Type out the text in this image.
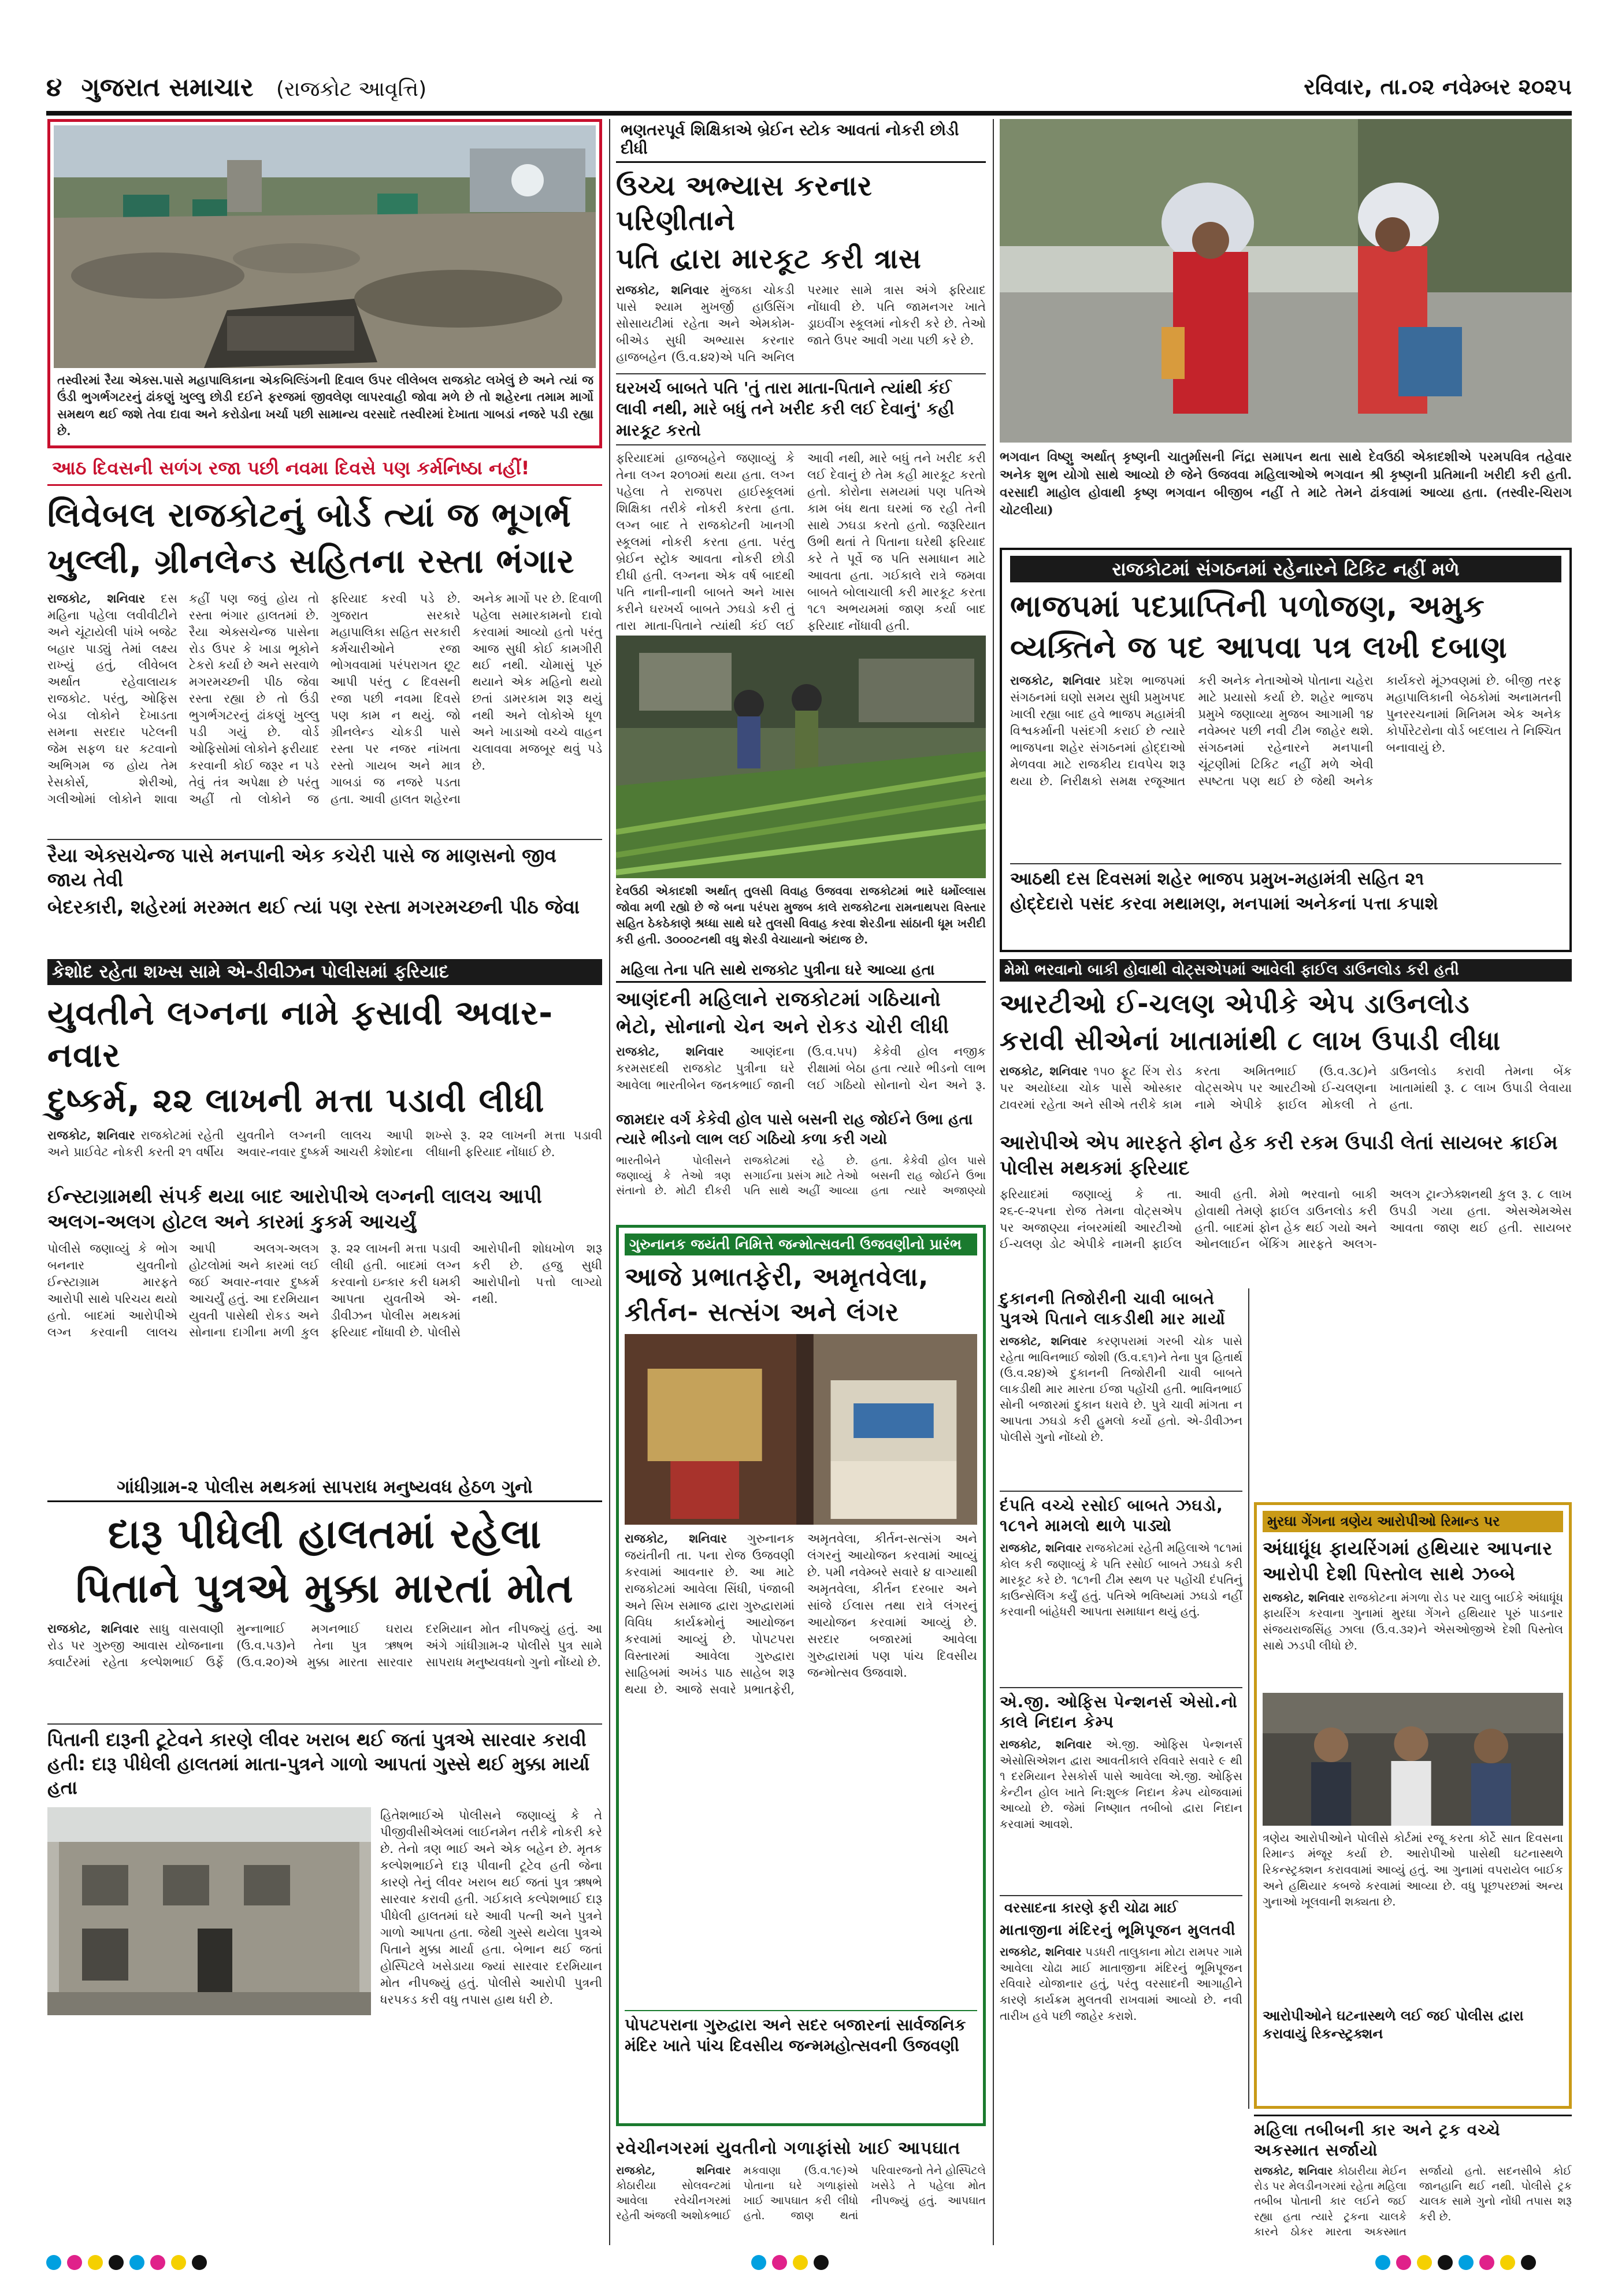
૪ ગુજરાત સમાચાર (રાજકોટ આવૃત્તિ)	રવિવાર, તા.૦૨ નવેમ્બર ૨૦૨૫
તસ્વીરમાં રૈયા એક્સ.પાસે મહાપાલિકાના એકબિલ્ડિંગની દિવાલ ઉપર લીલેબલ રાજકોટ લખેલું છે અને ત્યાં જ ઉંડી ભુગર્ભગટરનું ઢાંકણું ખુલ્લુ છોડી દઈને ફરજમાં જીવલેણ લાપરવાહી જોવા મળે છે તો શહેરના તમામ માર્ગો સમથળ થઈ જશે તેવા દાવા અને કરોડોના ખર્ચા પછી સામાન્ય વરસાદે તસ્વીરમાં દેખાતા ગાબડાં નજરે પડી રહ્યા છે.
આઠ દિવસની સળંગ રજા પછી નવમા દિવસે પણ કર્મનિષ્ઠા નહીં!
લિવેબલ રાજકોટનું બોર્ડ ત્યાં જ ભૂગર્ભ
ખુલ્લી, ગ્રીનલેન્ડ સહિતના રસ્તા ભંગાર
રાજકોટ, શનિવાર દસ મહિના પહેલા લવીવીટીને અને ચૂંટાયેલી પાંખે બજેટ બહાર પાડ્યું તેમાં લક્ષ્ય રાખ્યું હતું, લીવેબલ અર્થાત રહેવાલાયક રાજકોટ. પરંતુ, ઓફિસ બેડા લોકોને દેખાડતા સમના સરદાર પટેલની જેમ સફળ ઘર કટવાનો અભિગમ જ હોય તેમ રેસકોર્સ, શેરીઓ, ગલીઓમાં લોકોને શાવા કહીં પણ જવું હોય તો રસ્તા ભંગાર હાલતમાં છે. રૈયા એક્સચેન્જ પાસેના રોડ ઉપર કે ખાડા ભૂકોને ટેકરો કર્યા છે અને સરવાળે મગરમચ્છની પીઠ જેવા રસ્તા રહ્યા છે તો ઉંડી ભુગર્ભગટરનું ઢાંકણું ખુલ્લુ પડી ગયું છે. વોર્ડ ઓફિસોમાં લોકોને ફરીયાદ કરવાની કોઈ જરૂર ન પડે તેવું તંત્ર અપેક્ષા છે પરંતુ અહીં તો લોકોને જ ફરિયાદ કરવી પડે છે. ગુજરાત સરકારે મહાપાલિકા સહિત સરકારી કર્મચારીઓને રજા ભોગવવામાં પરંપરાગત છૂટ આપી પરંતુ ૮ દિવસની રજા પછી નવમા દિવસે પણ કામ ન થયું. જો ગ્રીનલેન્ડ ચોકડી પાસે રસ્તા પર નજર નાંખતા રસ્તો ગાયબ અને માત્ર ગાબડાં જ નજરે પડતા હતા. આવી હાલત શહેરના અનેક માર્ગો પર છે. દિવાળી પહેલા સમારકામનો દાવો કરવામાં આવ્યો હતો પરંતુ આજ સુધી કોઈ કામગીરી થઈ નથી. ચોમાસું પૂરું થયાને એક મહિનો થયો છતાં ડામરકામ શરૂ થયું નથી અને લોકોએ ધૂળ અને ખાડાઓ વચ્ચે વાહન ચલાવવા મજબૂર થવું પડે છે.
રૈયા એક્સચેન્જ પાસે મનપાની એક કચેરી પાસે જ માણસનો જીવ જાય તેવી
બેદરકારી, શહેરમાં મરમ્મત થઈ ત્યાં પણ રસ્તા મગરમચ્છની પીઠ જેવા
ભણતરપૂર્વ શિક્ષિકાએ બ્રેઈન સ્ટોક આવતાં નોકરી છોડી દીધી
ઉચ્ચ અભ્યાસ કરનાર પરિણીતાને
પતિ દ્વારા મારકૂટ કરી ત્રાસ
રાજકોટ, શનિવાર મુંજકા ચોકડી પાસે શ્યામ મુખર્જી હાઉસિંગ સોસાયટીમાં રહેતા અને એમકોમ-બીએડ સુધી અભ્યાસ કરનાર હાજબહેન (ઉ.વ.૪૨)એ પતિ અનિલ પરમાર સામે ત્રાસ અંગે ફરિયાદ નોંધાવી છે. પતિ જામનગર ખાતે ડ્રાઇવીંગ સ્કૂલમાં નોકરી કરે છે. તેઓ જાતે ઉપર આવી ગયા પછી કરે છે.
ઘરખર્ચ બાબતે પતિ 'તું તારા માતા-પિતાને ત્યાંથી કંઈ લાવી નથી, મારે બધું તને ખરીદ કરી લઈ દેવાનું' કહી મારકૂટ કરતો
ફરિયાદમાં હાજબહેને જણાવ્યું કે તેના લગ્ન ૨૦૧૦માં થયા હતા. લગ્ન પહેલા તે રાજપરા હાઈસ્કૂલમાં શિક્ષિકા તરીકે નોકરી કરતા હતા. લગ્ન બાદ તે રાજકોટની ખાનગી સ્કૂલમાં નોકરી કરતા હતા. પરંતુ બ્રેઈન સ્ટ્રોક આવતા નોકરી છોડી દીધી હતી. લગ્નના એક વર્ષ બાદથી પતિ નાની-નાની બાબતે અને ખાસ કરીને ઘરખર્ચ બાબતે ઝઘડો કરી તું તારા માતા-પિતાને ત્યાંથી કંઈ લઈ આવી નથી, મારે બધું તને ખરીદ કરી લઈ દેવાનું છે તેમ કહી મારકૂટ કરતો હતો. કોરોના સમયમાં પણ પતિએ કામ બંધ થતા ઘરમાં જ રહી તેની સાથે ઝઘડા કરતો હતો. જરૂરિયાત ઉભી થતાં તે પિતાના ઘરેથી ફરિયાદ કરે તે પૂર્વે જ પતિ સમાધાન માટે આવતા હતા. ગઈકાલે રાત્રે જમવા બાબતે બોલાચાલી કરી મારકૂટ કરતા ૧૮૧ અભયમમાં જાણ કર્યા બાદ ફરિયાદ નોંધાવી હતી.
ભગવાન વિષ્ણુ અર્થાત્ કૃષ્ણની ચાતુર્માસની નિંદ્રા સમાપન થતા સાથે દેવઉઠી એકાદશીએ પરમપવિત્ર તહેવાર અનેક શુભ યોગો સાથે આવ્યો છે જેને ઉજવવા મહિલાઓએ ભગવાન શ્રી કૃષ્ણની પ્રતિમાની ખરીદી કરી હતી. વરસાદી માહોલ હોવાથી કૃષ્ણ ભગવાન બીજીબ નહીં તે માટે તેમને ઢાંકવામાં આવ્યા હતા. (તસ્વીર-ચિરાગ ચોટલીયા)
દેવઉઠી એકાદશી અર્થાત્ તુલસી વિવાહ ઉજવવા રાજકોટમાં ભારે ધર્મોલ્લાસ જોવા મળી રહ્યો છે જે બના પરંપરા મુજબ કાલે રાજકોટના રામનાથપરા વિસ્તાર સહિત ઠેકઠેકાણે શ્રધ્ધા સાથે ઘરે તુલસી વિવાહ કરવા શેરડીના સાંઠાની ધૂમ ખરીદી કરી હતી. ૩૦૦૦ટનથી વધુ શેરડી વેચાયાનો અંદાજ છે.
રાજકોટમાં સંગઠનમાં રહેનારને ટિકિટ નહીં મળે
ભાજપમાં પદપ્રાપ્તિની પળોજણ, અમુક
વ્યક્તિને જ પદ આપવા પત્ર લખી દબાણ
રાજકોટ, શનિવાર પ્રદેશ ભાજપમાં સંગઠનમાં ઘણો સમય સુધી પ્રમુખપદ ખાલી રહ્યા બાદ હવે ભાજપ મહામંત્રી વિશ્વકર્માની પસંદગી કરાઈ છે ત્યારે ભાજપના શહેર સંગઠનમાં હોદ્દાઓ મેળવવા માટે રાજકીય દાવપેચ શરૂ થયા છે. નિરીક્ષકો સમક્ષ રજૂઆત કરી અનેક નેતાઓએ પોતાના ચહેરા માટે પ્રયાસો કર્યા છે. શહેર ભાજપ પ્રમુખે જણાવ્યા મુજબ આગામી ૧૪ નવેમ્બર પછી નવી ટીમ જાહેર થશે. સંગઠનમાં રહેનારને મનપાની ચૂંટણીમાં ટિકિટ નહીં મળે એવી સ્પષ્ટતા પણ થઈ છે જેથી અનેક કાર્યકરો મૂંઝવણમાં છે. બીજી તરફ મહાપાલિકાની બેઠકોમાં અનામતની પુનરરચનામાં મિનિમમ એક અનેક કોર્પોરેટરોના વોર્ડ બદલાય તે નિશ્ચિત બનાવાયું છે.
આઠથી દસ દિવસમાં શહેર ભાજપ પ્રમુખ-મહામંત્રી સહિત ૨૧
હોદ્દેદારો પસંદ કરવા મથામણ, મનપામાં અનેકનાં પત્તા કપાશે
કેશોદ રહેતા શખ્સ સામે એ-ડીવીઝન પોલીસમાં ફરિયાદ
યુવતીને લગ્નના નામે ફસાવી અવાર-નવાર
દુષ્કર્મ, ૨૨ લાખની મત્તા પડાવી લીધી
રાજકોટ, શનિવાર રાજકોટમાં રહેતી અને પ્રાઈવેટ નોકરી કરતી ૨૧ વર્ષીય યુવતીને લગ્નની લાલચ આપી અવાર-નવાર દુષ્કર્મ આચરી કેશોદના શખ્સે રૂ. ૨૨ લાખની મત્તા પડાવી લીધાની ફરિયાદ નોંધાઈ છે.
ઈન્સ્ટાગ્રામથી સંપર્ક થયા બાદ આરોપીએ લગ્નની લાલચ આપી અલગ-અલગ હોટલ અને કારમાં કુકર્મ આચર્યું
પોલીસે જણાવ્યું કે ભોગ બનનાર યુવતીનો ઈન્સ્ટાગ્રામ મારફતે આરોપી સાથે પરિચય થયો હતો. બાદમાં આરોપીએ લગ્ન કરવાની લાલચ આપી અલગ-અલગ હોટલોમાં અને કારમાં લઈ જઈ અવાર-નવાર દુષ્કર્મ આચર્યું હતું. આ દરમિયાન યુવતી પાસેથી રોકડ અને સોનાના દાગીના મળી કુલ રૂ. ૨૨ લાખની મત્તા પડાવી લીધી હતી. બાદમાં લગ્ન કરવાનો ઇન્કાર કરી ધમકી આપતા યુવતીએ એ-ડીવીઝન પોલીસ મથકમાં ફરિયાદ નોંધાવી છે. પોલીસે આરોપીની શોધખોળ શરૂ કરી છે. હજુ સુધી આરોપીનો પત્તો લાગ્યો નથી.
ગાંધીગ્રામ-૨ પોલીસ મથકમાં સાપરાધ મનુષ્યવધ હેઠળ ગુનો
દારૂ પીધેલી હાલતમાં રહેલા
પિતાને પુત્રએ મુક્કા મારતાં મોત
રાજકોટ, શનિવાર સાધુ વાસવાણી રોડ પર ગુરુજી આવાસ યોજનાના ક્વાર્ટરમાં રહેતા કલ્પેશભાઈ ઉર્ફે મુન્નાભાઈ મગનભાઈ ઘરાય (ઉ.વ.૫૩)ને તેના પુત્ર ઋષભ (ઉ.વ.૨૦)એ મુક્કા મારતા સારવાર દરમિયાન મોત નીપજ્યું હતું. આ અંગે ગાંધીગ્રામ-૨ પોલીસે પુત્ર સામે સાપરાધ મનુષ્યવધનો ગુનો નોંધ્યો છે.
પિતાની દારૂની ટૂટેવને કારણે લીવર ખરાબ થઈ જતાં પુત્રએ સારવાર કરાવી હતી: દારૂ પીધેલી હાલતમાં માતા-પુત્રને ગાળો આપતાં ગુસ્સે થઈ મુક્કા માર્યા હતા
હિતેશભાઈએ પોલીસને જણાવ્યું કે તે પીજીવીસીએલમાં લાઈનમેન તરીકે નોકરી કરે છે. તેનો ત્રણ ભાઈ અને એક બહેન છે. મૃતક કલ્પેશભાઈને દારૂ પીવાની ટૂટેવ હતી જેના કારણે તેનું લીવર ખરાબ થઈ જતાં પુત્ર ઋષભે સારવાર કરાવી હતી. ગઈકાલે કલ્પેશભાઈ દારૂ પીધેલી હાલતમાં ઘરે આવી પત્ની અને પુત્રને ગાળો આપતા હતા. જેથી ગુસ્સે થયેલા પુત્રએ પિતાને મુક્કા માર્યા હતા. બેભાન થઈ જતાં હોસ્પિટલે ખસેડાયા જ્યાં સારવાર દરમિયાન મોત નીપજ્યું હતું. પોલીસે આરોપી પુત્રની ધરપકડ કરી વધુ તપાસ હાથ ધરી છે.
મહિલા તેના પતિ સાથે રાજકોટ પુત્રીના ઘરે આવ્યા હતા
આણંદની મહિલાને રાજકોટમાં ગઠિયાનો
ભેટો, સોનાનો ચેન અને રોકડ ચોરી લીધી
રાજકોટ, શનિવાર આણંદના કરમસદથી રાજકોટ પુત્રીના ઘરે આવેલા ભારતીબેન જનકભાઈ જાની (ઉ.વ.૫૫) કેકેવી હોલ નજીક રીક્ષામાં બેઠા હતા ત્યારે ભીડનો લાભ લઈ ગઠિયો સોનાનો ચેન અને રૂ.
જામદાર વર્ગ કેકેવી હોલ પાસે બસની રાહ જોઈને ઉભા હતા ત્યારે ભીડનો લાભ લઈ ગઠિયો કળા કરી ગયો
ભારતીબેને પોલીસને જણાવ્યું કે તેઓ ત્રણ સંતાનો છે. મોટી દીકરી રાજકોટમાં રહે છે. સગાઈના પ્રસંગ માટે તેઓ પતિ સાથે અહીં આવ્યા હતા. કેકેવી હોલ પાસે બસની રાહ જોઈને ઉભા હતા ત્યારે અજાણ્યો
મેમો ભરવાનો બાકી હોવાથી વોટ્સએપમાં આવેલી ફાઈલ ડાઉનલોડ કરી હતી
આરટીઓ ઈ-ચલણ એપીકે એપ ડાઉનલોડ
કરાવી સીએનાં ખાતામાંથી ૮ લાખ ઉપાડી લીધા
રાજકોટ, શનિવાર ૧૫૦ ફૂટ રિંગ રોડ પર અયોધ્યા ચોક પાસે ઓસ્કાર ટાવરમાં રહેતા અને સીએ તરીકે કામ કરતા અમિતભાઈ (ઉ.વ.૩૮)ને વોટ્સએપ પર આરટીઓ ઈ-ચલણના નામે એપીકે ફાઈલ મોકલી તે ડાઉનલોડ કરાવી તેમના બેંક ખાતામાંથી રૂ. ૮ લાખ ઉપાડી લેવાયા હતા.
આરોપીએ એપ મારફતે ફોન હેક કરી રકમ ઉપાડી લેતાં સાયબર ક્રાઈમ પોલીસ મથકમાં ફરિયાદ
ફરિયાદમાં જણાવ્યું કે તા. ૨૬-૯-૨૫ના રોજ તેમના વોટ્સએપ પર અજાણ્યા નંબરમાંથી આરટીઓ ઈ-ચલણ ડોટ એપીકે નામની ફાઈલ આવી હતી. મેમો ભરવાનો બાકી હોવાથી તેમણે ફાઈલ ડાઉનલોડ કરી હતી. બાદમાં ફોન હેક થઈ ગયો અને ઓનલાઈન બેંકિંગ મારફતે અલગ-અલગ ટ્રાન્ઝેક્શનથી કુલ રૂ. ૮ લાખ ઉપડી ગયા હતા. એસએમએસ આવતા જાણ થઈ હતી. સાયબર
દુકાનની તિજોરીની ચાવી બાબતે પુત્રએ પિતાને લાકડીથી માર માર્યો
રાજકોટ, શનિવાર કરણપરામાં ગરબી ચોક પાસે રહેતા ભાવિનભાઈ જોશી (ઉ.વ.૬૧)ને તેના પુત્ર હિતાર્થ (ઉ.વ.૨૪)એ દુકાનની તિજોરીની ચાવી બાબતે લાકડીથી માર મારતા ઈજા પહોંચી હતી. ભાવિનભાઈ સોની બજારમાં દુકાન ધરાવે છે. પુત્રે ચાવી માંગતા ન આપતા ઝઘડો કરી હુમલો કર્યો હતો. એ-ડીવીઝન પોલીસે ગુનો નોંધ્યો છે.
દંપતિ વચ્ચે રસોઈ બાબતે ઝઘડો, ૧૮૧ને મામલો થાળે પાડ્યો
રાજકોટ, શનિવાર રાજકોટમાં રહેતી મહિલાએ ૧૮૧માં કોલ કરી જણાવ્યું કે પતિ રસોઈ બાબતે ઝઘડો કરી મારકૂટ કરે છે. ૧૮૧ની ટીમ સ્થળ પર પહોંચી દંપતિનું કાઉન્સેલિંગ કર્યું હતું. પતિએ ભવિષ્યમાં ઝઘડો નહીં કરવાની બાંહેધરી આપતા સમાધાન થયું હતું.
ગુરુનાનક જયંતી નિમિત્તે જન્મોત્સવની ઉજવણીનો પ્રારંભ
આજે પ્રભાતફેરી, અમૃતવેલા,
કીર્તન- સત્સંગ અને લંગર
રાજકોટ, શનિવાર ગુરુનાનક જયંતીની તા. પના રોજ ઉજવણી કરવામાં આવનાર છે. આ માટે રાજકોટમાં આવેલા સિંધી, પંજાબી અને સિખ સમાજ દ્વારા ગુરુદ્વારામાં વિવિધ કાર્યક્રમોનું આયોજન કરવામાં આવ્યું છે. પોપટપરા વિસ્તારમાં આવેલા ગુરુદ્વારા સાહિબમાં અખંડ પાઠ સાહેબ શરૂ થયા છે. આજે સવારે પ્રભાતફેરી, અમૃતવેલા, કીર્તન-સત્સંગ અને લંગરનું આયોજન કરવામાં આવ્યું છે. ૫મી નવેમ્બરે સવારે ૪ વાગ્યાથી અમૃતવેલા, કીર્તન દરબાર અને સાંજે ઈલાસ તથા રાત્રે લંગરનું આયોજન કરવામાં આવ્યું છે. સરદાર બજારમાં આવેલા ગુરુદ્વારામાં પણ પાંચ દિવસીય જન્મોત્સવ ઉજવાશે.
પોપટપરાના ગુરુદ્વારા અને સદર બજારનાં સાર્વજનિક મંદિર ખાતે પાંચ દિવસીય જન્મમહોત્સવની ઉજવણી
એ.જી. ઓફિસ પેન્શનર્સ એસો.નો કાલે નિદાન કેમ્પ
રાજકોટ, શનિવાર એ.જી. ઓફિસ પેન્શનર્સ એસોસિએશન દ્વારા આવતીકાલે રવિવારે સવારે ૯ થી ૧ દરમિયાન રેસકોર્સ પાસે આવેલા એ.જી. ઓફિસ કેન્ટીન હોલ ખાતે નિ:શુલ્ક નિદાન કેમ્પ યોજવામાં આવ્યો છે. જેમાં નિષ્ણાત તબીબો દ્વારા નિદાન કરવામાં આવશે.
વરસાદના કારણે ફરી ચોઢા માઈ
માતાજીના મંદિરનું ભૂમિપૂજન મુલતવી
રાજકોટ, શનિવાર પડધરી તાલુકાના મોટા રામપર ગામે આવેલા ચોઢા માઈ માતાજીના મંદિરનું ભૂમિપૂજન રવિવારે યોજાનાર હતું, પરંતુ વરસાદની આગાહીને કારણે કાર્યક્રમ મુલતવી રાખવામાં આવ્યો છે. નવી તારીખ હવે પછી જાહેર કરાશે.
મુરઘા ગેંગના ત્રણેય આરોપીઓ રિમાન્ડ પર
અંધાધૂંધ ફાયરિંગમાં હથિયાર આપનાર
આરોપી દેશી પિસ્તોલ સાથે ઝબ્બે
રાજકોટ, શનિવાર રાજકોટના મંગળા રોડ પર ચાલુ બાઈકે અંધાધૂંધ ફાયરિંગ કરવાના ગુનામાં મુરઘા ગેંગને હથિયાર પૂરું પાડનાર સંજયરાજસિંહ ઝાલા (ઉ.વ.૩૨)ને એસઓજીએ દેશી પિસ્તોલ સાથે ઝડપી લીધો છે.
ત્રણેય આરોપીઓને પોલીસે કોર્ટમાં રજૂ કરતા કોર્ટે સાત દિવસના રિમાન્ડ મંજૂર કર્યા છે. આરોપીઓ પાસેથી ઘટનાસ્થળે રિકન્સ્ટ્રક્શન કરાવવામાં આવ્યું હતું. આ ગુનામાં વપરાયેલ બાઈક અને હથિયાર કબજે કરવામાં આવ્યા છે. વધુ પૂછપરછમાં અન્ય ગુનાઓ ખૂલવાની શક્યતા છે.
આરોપીઓને ઘટનાસ્થળે લઈ જઈ પોલીસ દ્વારા કરાવાયું રિકન્સ્ટ્રક્શન
રવેચીનગરમાં યુવતીનો ગળાફાંસો ખાઈ આપઘાત
રાજકોટ, શનિવાર કોઠારીયા સોલવન્ટમાં આવેલા રવેચીનગરમાં રહેતી અંજલી અશોકભાઈ મકવાણા (ઉ.વ.૧૯)એ પોતાના ઘરે ગળાફાંસો ખાઈ આપઘાત કરી લીધો હતો. જાણ થતાં પરિવારજનો તેને હોસ્પિટલે ખસેડે તે પહેલા મોત નીપજ્યું હતું. આપઘાત
મહિલા તબીબની કાર અને ટ્રક વચ્ચે અકસ્માત સર્જાયો
રાજકોટ, શનિવાર કોઠારીયા મેઈન રોડ પર મેલડીનગરમાં રહેતા મહિલા તબીબ પોતાની કાર લઈને જઈ રહ્યા હતા ત્યારે ટ્રકના ચાલકે કારને ઠોકર મારતા અકસ્માત સર્જાયો હતો. સદનસીબે કોઈ જાનહાનિ થઈ નથી. પોલીસે ટ્રક ચાલક સામે ગુનો નોંધી તપાસ શરૂ કરી છે.
